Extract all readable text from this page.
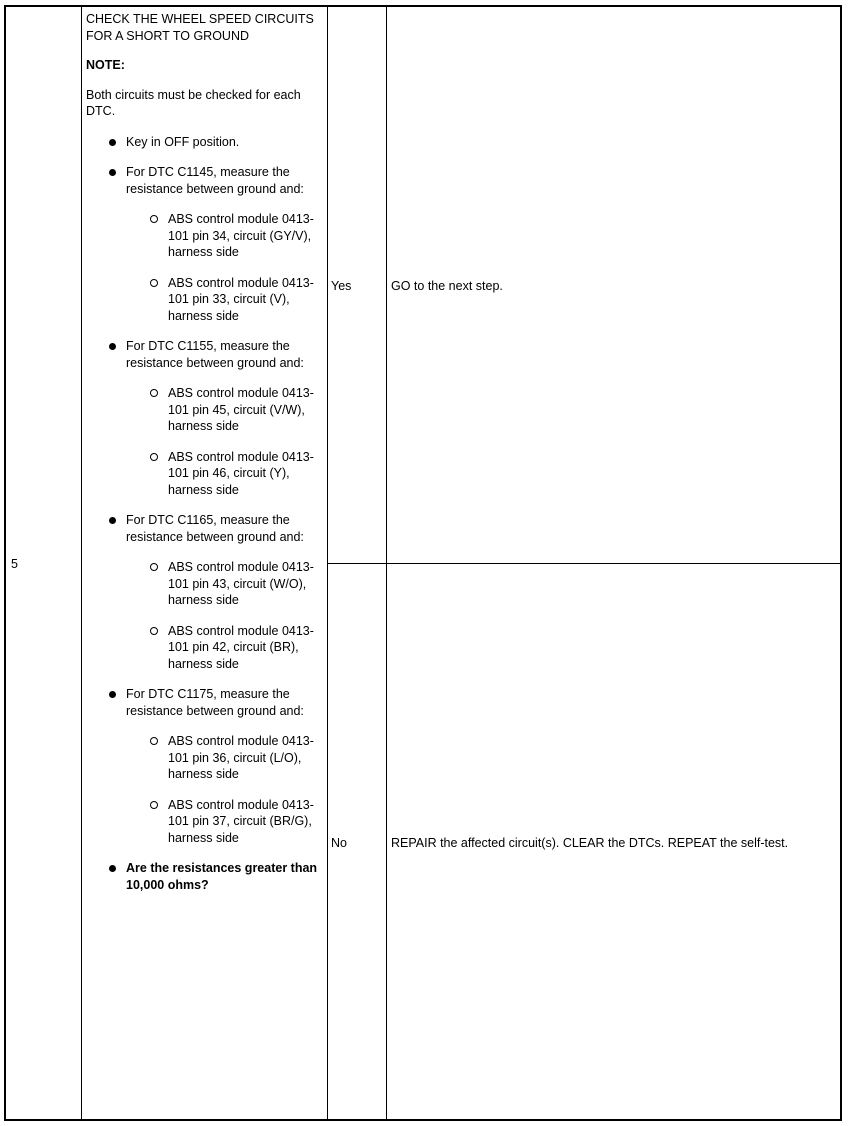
5
CHECK THE WHEEL SPEED CIRCUITS FOR A SHORT TO GROUND
NOTE:
Both circuits must be checked for each DTC.
Key in OFF position.
For DTC C1145, measure the resistance between ground and:
ABS control module 0413-101 pin 34, circuit (GY/V), harness side
ABS control module 0413-101 pin 33, circuit (V), harness side
For DTC C1155, measure the resistance between ground and:
ABS control module 0413-101 pin 45, circuit (V/W), harness side
ABS control module 0413-101 pin 46, circuit (Y), harness side
For DTC C1165, measure the resistance between ground and:
ABS control module 0413-101 pin 43, circuit (W/O), harness side
ABS control module 0413-101 pin 42, circuit (BR), harness side
For DTC C1175, measure the resistance between ground and:
ABS control module 0413-101 pin 36, circuit (L/O), harness side
ABS control module 0413-101 pin 37, circuit (BR/G), harness side
Are the resistances greater than 10,000 ohms?
Yes	GO to the next step.
No	REPAIR the affected circuit(s). CLEAR the DTCs. REPEAT the self-test.
